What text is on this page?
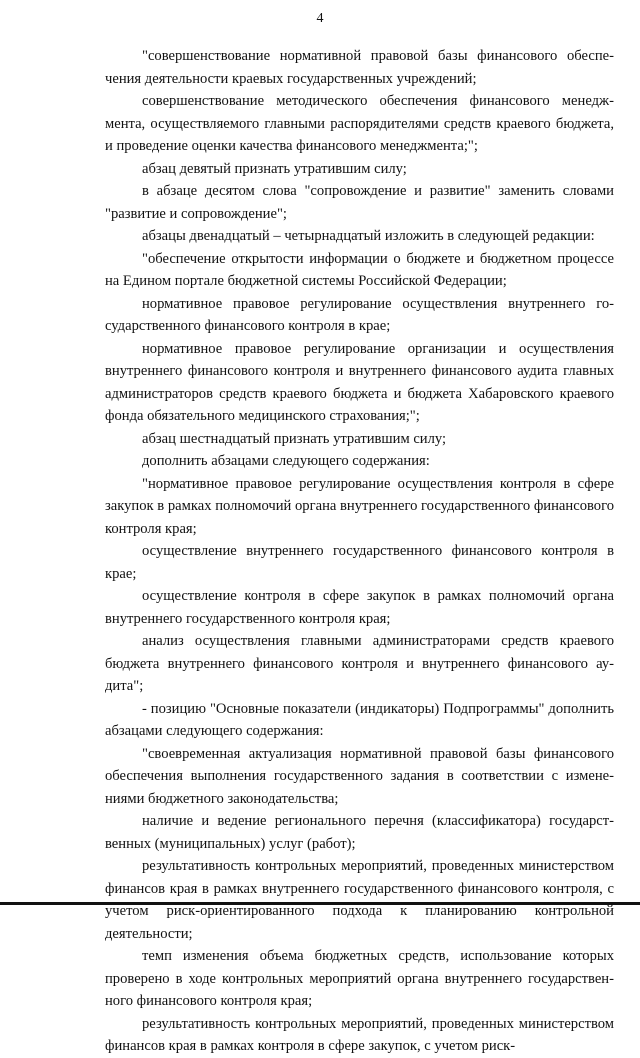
4

"совершенствование нормативной правовой базы финансового обеспечения деятельности краевых государственных учреждений;

совершенствование методического обеспечения финансового менеджмента, осуществляемого главными распорядителями средств краевого бюджета, и проведение оценки качества финансового менеджмента;";

абзац девятый признать утратившим силу;

в абзаце десятом слова "сопровождение и развитие" заменить словами "развитие и сопровождение";

абзацы двенадцатый – четырнадцатый изложить в следующей редакции:

"обеспечение открытости информации о бюджете и бюджетном процессе на Едином портале бюджетной системы Российской Федерации;

нормативное правовое регулирование осуществления внутреннего государственного финансового контроля в крае;

нормативное правовое регулирование организации и осуществления внутреннего финансового контроля и внутреннего финансового аудита главных администраторов средств краевого бюджета и бюджета Хабаровского краевого фонда обязательного медицинского страхования;";

абзац шестнадцатый признать утратившим силу;

дополнить абзацами следующего содержания:

"нормативное правовое регулирование осуществления контроля в сфере закупок в рамках полномочий органа внутреннего государственного финансового контроля края;

осуществление внутреннего государственного финансового контроля в крае;

осуществление контроля в сфере закупок в рамках полномочий органа внутреннего государственного контроля края;

анализ осуществления главными администраторами средств краевого бюджета внутреннего финансового контроля и внутреннего финансового аудита";

- позицию "Основные показатели (индикаторы) Подпрограммы" дополнить абзацами следующего содержания:

"своевременная актуализация нормативной правовой базы финансового обеспечения выполнения государственного задания в соответствии с изменениями бюджетного законодательства;

наличие и ведение регионального перечня (классификатора) государственных (муниципальных) услуг (работ);

результативность контрольных мероприятий, проведенных министерством финансов края в рамках внутреннего государственного финансового контроля, с учетом риск-ориентированного подхода к планированию контрольной деятельности;

темп изменения объема бюджетных средств, использование которых проверено в ходе контрольных мероприятий органа внутреннего государственного финансового контроля края;

результативность контрольных мероприятий, проведенных министерством финансов края в рамках контроля в сфере закупок, с учетом риск-
